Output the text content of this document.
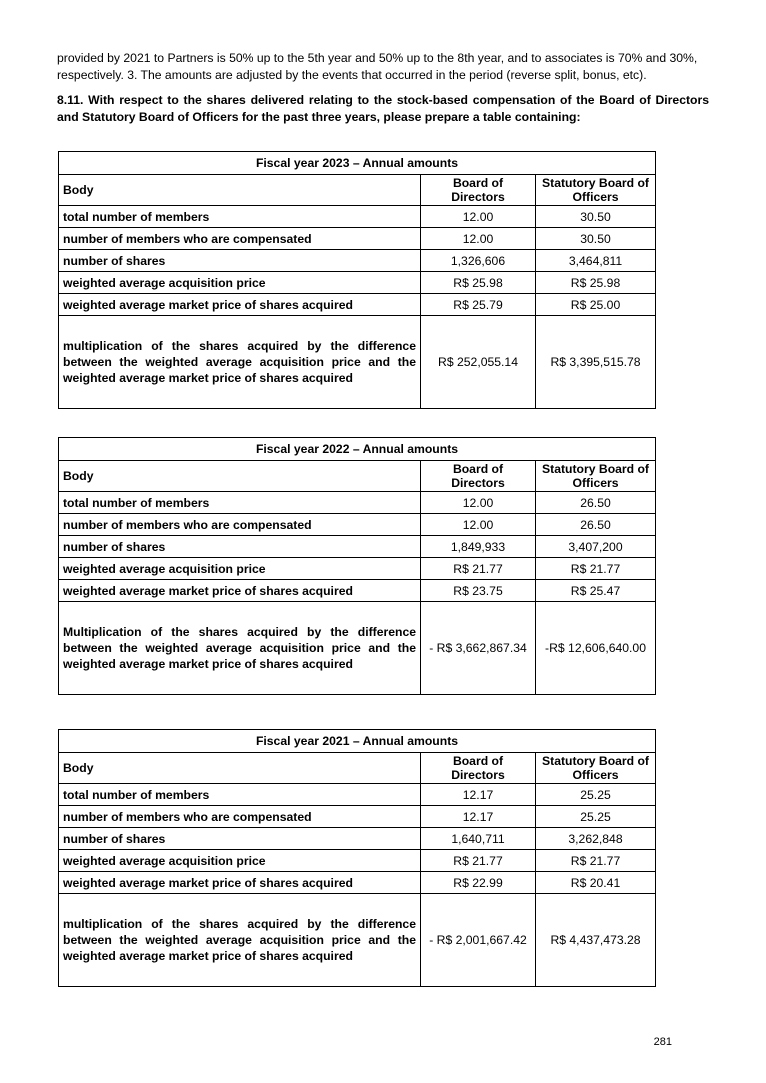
provided by 2021 to Partners is 50% up to the 5th year and 50% up to the 8th year, and to associates is 70% and 30%, respectively. 3. The amounts are adjusted by the events that occurred in the period (reverse split, bonus, etc).

8.11. With respect to the shares delivered relating to the stock-based compensation of the Board of Directors and Statutory Board of Officers for the past three years, please prepare a table containing:

Fiscal year 2023 – Annual amounts		
Body	Board of Directors	Statutory Board of Officers
total number of members	12.00	30.50
number of members who are compensated	12.00	30.50
number of shares	1,326,606	3,464,811
weighted average acquisition price	R$ 25.98	R$ 25.98
weighted average market price of shares acquired	R$ 25.79	R$ 25.00
multiplication of the shares acquired by the difference between the weighted average acquisition price and the weighted average market price of shares acquired	R$ 252,055.14	R$ 3,395,515.78
Fiscal year 2022 – Annual amounts		
Body	Board of Directors	Statutory Board of Officers
total number of members	12.00	26.50
number of members who are compensated	12.00	26.50
number of shares	1,849,933	3,407,200
weighted average acquisition price	R$ 21.77	R$ 21.77
weighted average market price of shares acquired	R$ 23.75	R$ 25.47
Multiplication of the shares acquired by the difference between the weighted average acquisition price and the weighted average market price of shares acquired	- R$ 3,662,867.34	-R$ 12,606,640.00
Fiscal year 2021 – Annual amounts		
Body	Board of Directors	Statutory Board of Officers
total number of members	12.17	25.25
number of members who are compensated	12.17	25.25
number of shares	1,640,711	3,262,848
weighted average acquisition price	R$ 21.77	R$ 21.77
weighted average market price of shares acquired	R$ 22.99	R$ 20.41
multiplication of the shares acquired by the difference between the weighted average acquisition price and the weighted average market price of shares acquired	- R$ 2,001,667.42	R$ 4,437,473.28
281
